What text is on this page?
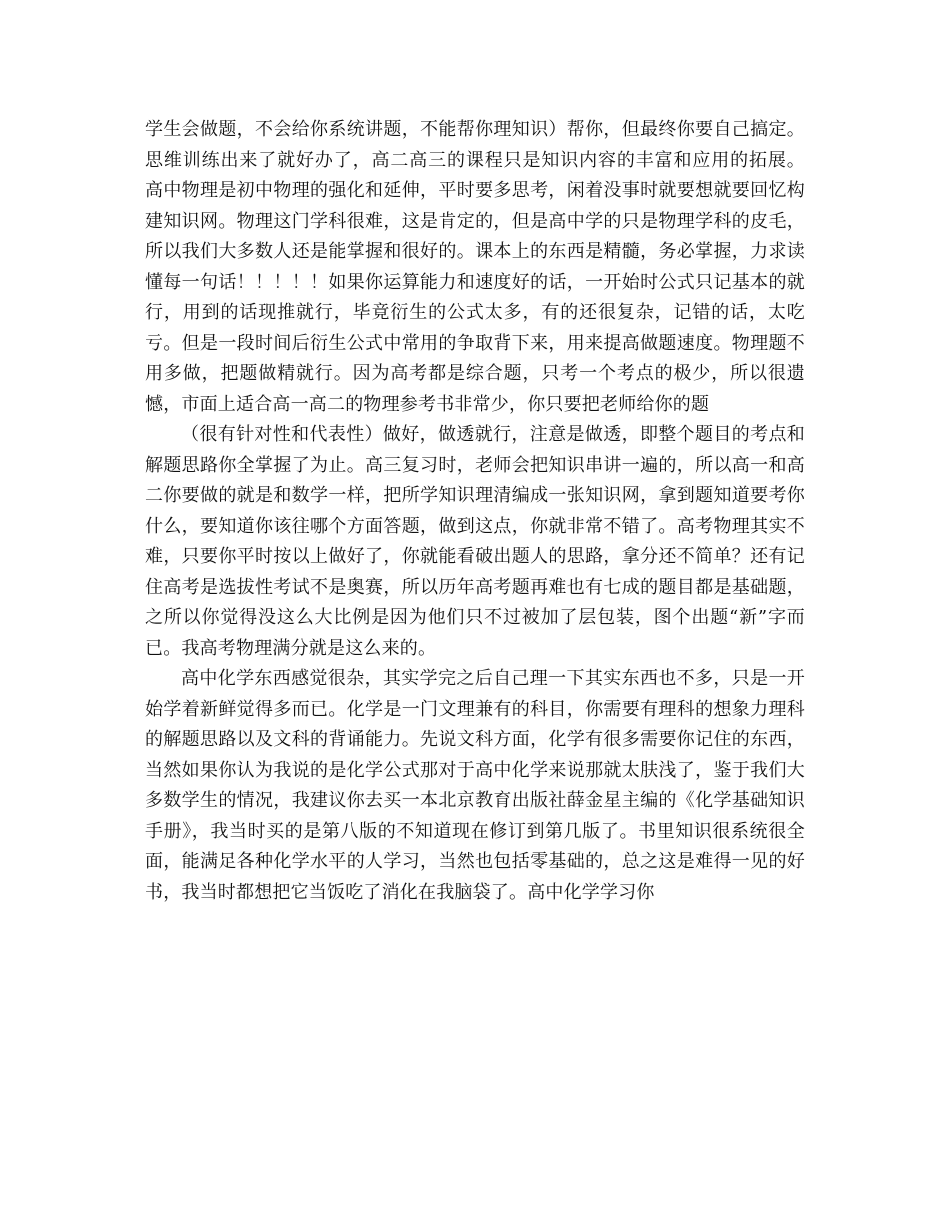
学生会做题，不会给你系统讲题，不能帮你理知识）帮你，但最终你要自己搞定。思维训练出来了就好办了，高二高三的课程只是知识内容的丰富和应用的拓展。 高中物理是初中物理的强化和延伸，平时要多思考，闲着没事时就要想就要回忆构建知识网。物理这门学科很难，这是肯定的，但是高中学的只是物理学科的皮毛，所以我们大多数人还是能掌握和很好的。课本上的东西是精髓，务必掌握，力求读懂每一句话！！！！！如果你运算能力和速度好的话，一开始时公式只记基本的就行，用到的话现推就行，毕竟衍生的公式太多，有的还很复杂，记错的话，太吃亏。但是一段时间后衍生公式中常用的争取背下来，用来提高做题速度。物理题不用多做，把题做精就行。因为高考都是综合题，只考一个考点的极少，所以很遗憾，市面上适合高一高二的物理参考书非常少，你只要把老师给你的题

（很有针对性和代表性）做好，做透就行，注意是做透，即整个题目的考点和解题思路你全掌握了为止。高三复习时，老师会把知识串讲一遍的，所以高一和高二你要做的就是和数学一样，把所学知识理清编成一张知识网，拿到题知道要考你什么，要知道你该往哪个方面答题，做到这点，你就非常不错了。高考物理其实不难，只要你平时按以上做好了，你就能看破出题人的思路，拿分还不简单？还有记住高考是选拔性考试不是奥赛，所以历年高考题再难也有七成的题目都是基础题，之所以你觉得没这么大比例是因为他们只不过被加了层包装，图个出题“新”字而已。我高考物理满分就是这么来的。

高中化学东西感觉很杂，其实学完之后自己理一下其实东西也不多，只是一开始学着新鲜觉得多而已。化学是一门文理兼有的科目，你需要有理科的想象力理科的解题思路以及文科的背诵能力。先说文科方面，化学有很多需要你记住的东西，当然如果你认为我说的是化学公式那对于高中化学来说那就太肤浅了，鉴于我们大多数学生的情况，我建议你去买一本北京教育出版社薛金星主编的《化学基础知识手册》，我当时买的是第八版的不知道现在修订到第几版了。书里知识很系统很全面，能满足各种化学水平的人学习，当然也包括零基础的，总之这是难得一见的好书，我当时都想把它当饭吃了消化在我脑袋了。高中化学学习你
